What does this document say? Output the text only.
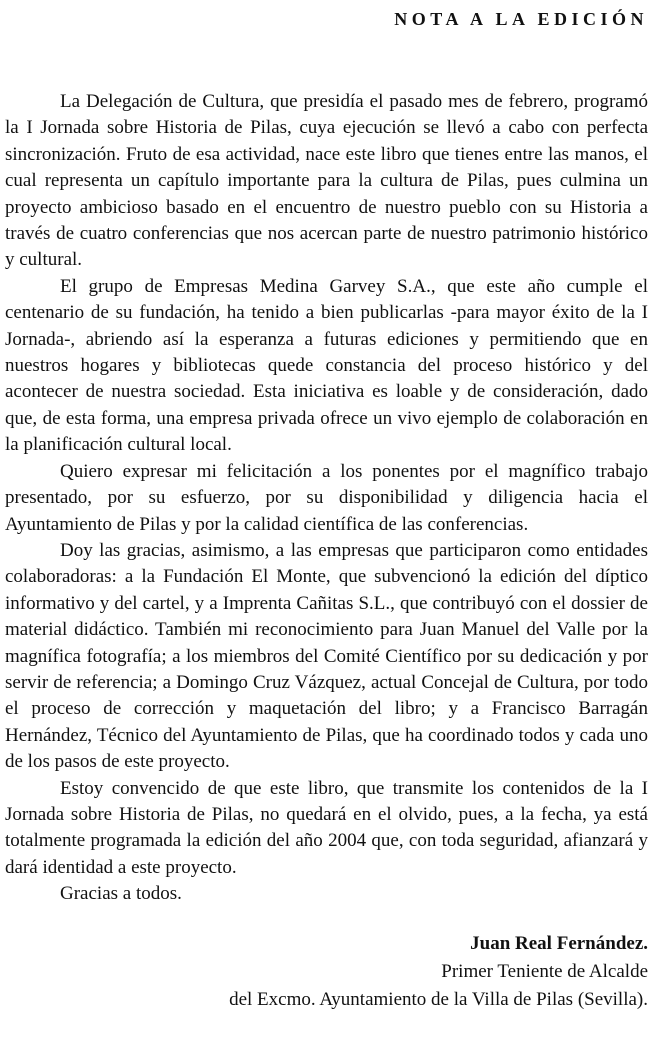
NOTA A LA EDICIÓN

La Delegación de Cultura, que presidía el pasado mes de febrero, programó la I Jornada sobre Historia de Pilas, cuya ejecución se llevó a cabo con perfecta sincronización. Fruto de esa actividad, nace este libro que tienes entre las manos, el cual representa un capítulo importante para la cultura de Pilas, pues culmina un proyecto ambicioso basado en el encuentro de nuestro pueblo con su Historia a través de cuatro conferencias que nos acercan parte de nuestro patrimonio histórico y cultural.

El grupo de Empresas Medina Garvey S.A., que este año cumple el centenario de su fundación, ha tenido a bien publicarlas -para mayor éxito de la I Jornada-, abriendo así la esperanza a futuras ediciones y permitiendo que en nuestros hogares y bibliotecas quede constancia del proceso histórico y del acontecer de nuestra sociedad. Esta iniciativa es loable y de consideración, dado que, de esta forma, una empresa privada ofrece un vivo ejemplo de colaboración en la planificación cultural local.

Quiero expresar mi felicitación a los ponentes por el magnífico trabajo presentado, por su esfuerzo, por su disponibilidad y diligencia hacia el Ayuntamiento de Pilas y por la calidad científica de las conferencias.

Doy las gracias, asimismo, a las empresas que participaron como entidades colaboradoras: a la Fundación El Monte, que subvencionó la edición del díptico informativo y del cartel, y a Imprenta Cañitas S.L., que contribuyó con el dossier de material didáctico. También mi reconocimiento para Juan Manuel del Valle por la magnífica fotografía; a los miembros del Comité Científico por su dedicación y por servir de referencia; a Domingo Cruz Vázquez, actual Concejal de Cultura, por todo el proceso de corrección y maquetación del libro; y a Francisco Barragán Hernández, Técnico del Ayuntamiento de Pilas, que ha coordinado todos y cada uno de los pasos de este proyecto.

Estoy convencido de que este libro, que transmite los contenidos de la I Jornada sobre Historia de Pilas, no quedará en el olvido, pues, a la fecha, ya está totalmente programada la edición del año 2004 que, con toda seguridad, afianzará y dará identidad a este proyecto.

Gracias a todos.

Juan Real Fernández.

Primer Teniente de Alcalde

del Excmo. Ayuntamiento de la Villa de Pilas (Sevilla).
